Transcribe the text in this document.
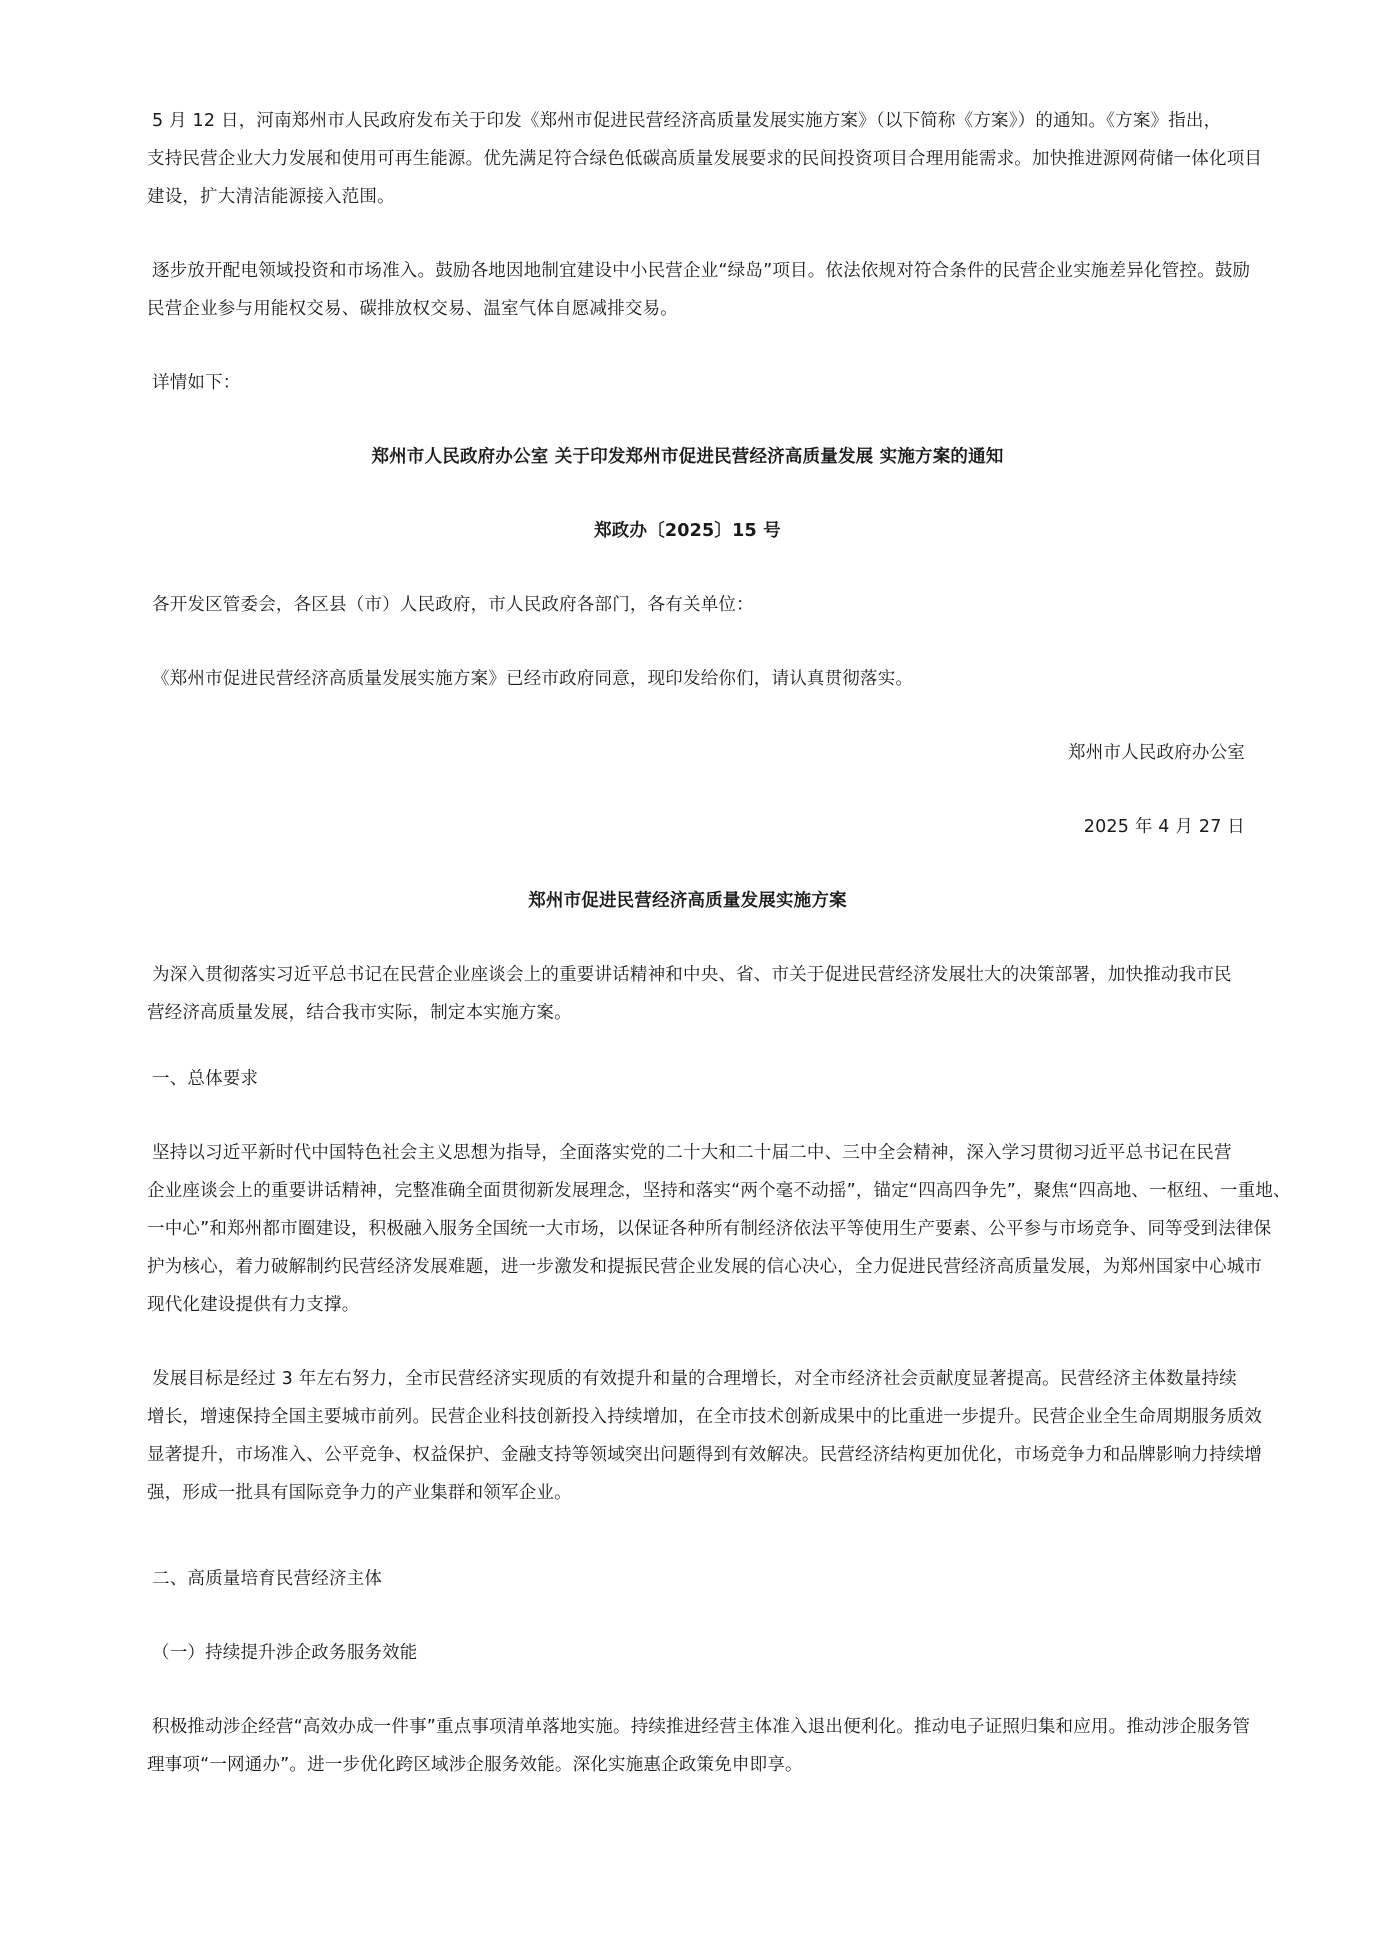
5 月 12 日，河南郑州市人民政府发布关于印发《郑州市促进民营经济高质量发展实施方案》（以下简称《方案》）的通知。《方案》指出，
支持民营企业大力发展和使用可再生能源。优先满足符合绿色低碳高质量发展要求的民间投资项目合理用能需求。加快推进源网荷储一体化项目
建设，扩大清洁能源接入范围。
逐步放开配电领域投资和市场准入。鼓励各地因地制宜建设中小民营企业“绿岛”项目。依法依规对符合条件的民营企业实施差异化管控。鼓励
民营企业参与用能权交易、碳排放权交易、温室气体自愿减排交易。
详情如下：
郑州市人民政府办公室 关于印发郑州市促进民营经济高质量发展 实施方案的通知
郑政办〔2025〕15 号
各开发区管委会，各区县（市）人民政府，市人民政府各部门，各有关单位：
《郑州市促进民营经济高质量发展实施方案》已经市政府同意，现印发给你们，请认真贯彻落实。
郑州市人民政府办公室
2025 年 4 月 27 日
郑州市促进民营经济高质量发展实施方案
为深入贯彻落实习近平总书记在民营企业座谈会上的重要讲话精神和中央、省、市关于促进民营经济发展壮大的决策部署，加快推动我市民
营经济高质量发展，结合我市实际，制定本实施方案。
一、总体要求
坚持以习近平新时代中国特色社会主义思想为指导，全面落实党的二十大和二十届二中、三中全会精神，深入学习贯彻习近平总书记在民营
企业座谈会上的重要讲话精神，完整准确全面贯彻新发展理念，坚持和落实“两个毫不动摇”，锚定“四高四争先”，聚焦“四高地、一枢纽、一重地、
一中心”和郑州都市圈建设，积极融入服务全国统一大市场，以保证各种所有制经济依法平等使用生产要素、公平参与市场竞争、同等受到法律保
护为核心，着力破解制约民营经济发展难题，进一步激发和提振民营企业发展的信心决心，全力促进民营经济高质量发展，为郑州国家中心城市
现代化建设提供有力支撑。
发展目标是经过 3 年左右努力，全市民营经济实现质的有效提升和量的合理增长，对全市经济社会贡献度显著提高。民营经济主体数量持续
增长，增速保持全国主要城市前列。民营企业科技创新投入持续增加，在全市技术创新成果中的比重进一步提升。民营企业全生命周期服务质效
显著提升，市场准入、公平竞争、权益保护、金融支持等领域突出问题得到有效解决。民营经济结构更加优化，市场竞争力和品牌影响力持续增
强，形成一批具有国际竞争力的产业集群和领军企业。
二、高质量培育民营经济主体
（一）持续提升涉企政务服务效能
积极推动涉企经营“高效办成一件事”重点事项清单落地实施。持续推进经营主体准入退出便利化。推动电子证照归集和应用。推动涉企服务管
理事项“一网通办”。进一步优化跨区域涉企服务效能。深化实施惠企政策免申即享。
